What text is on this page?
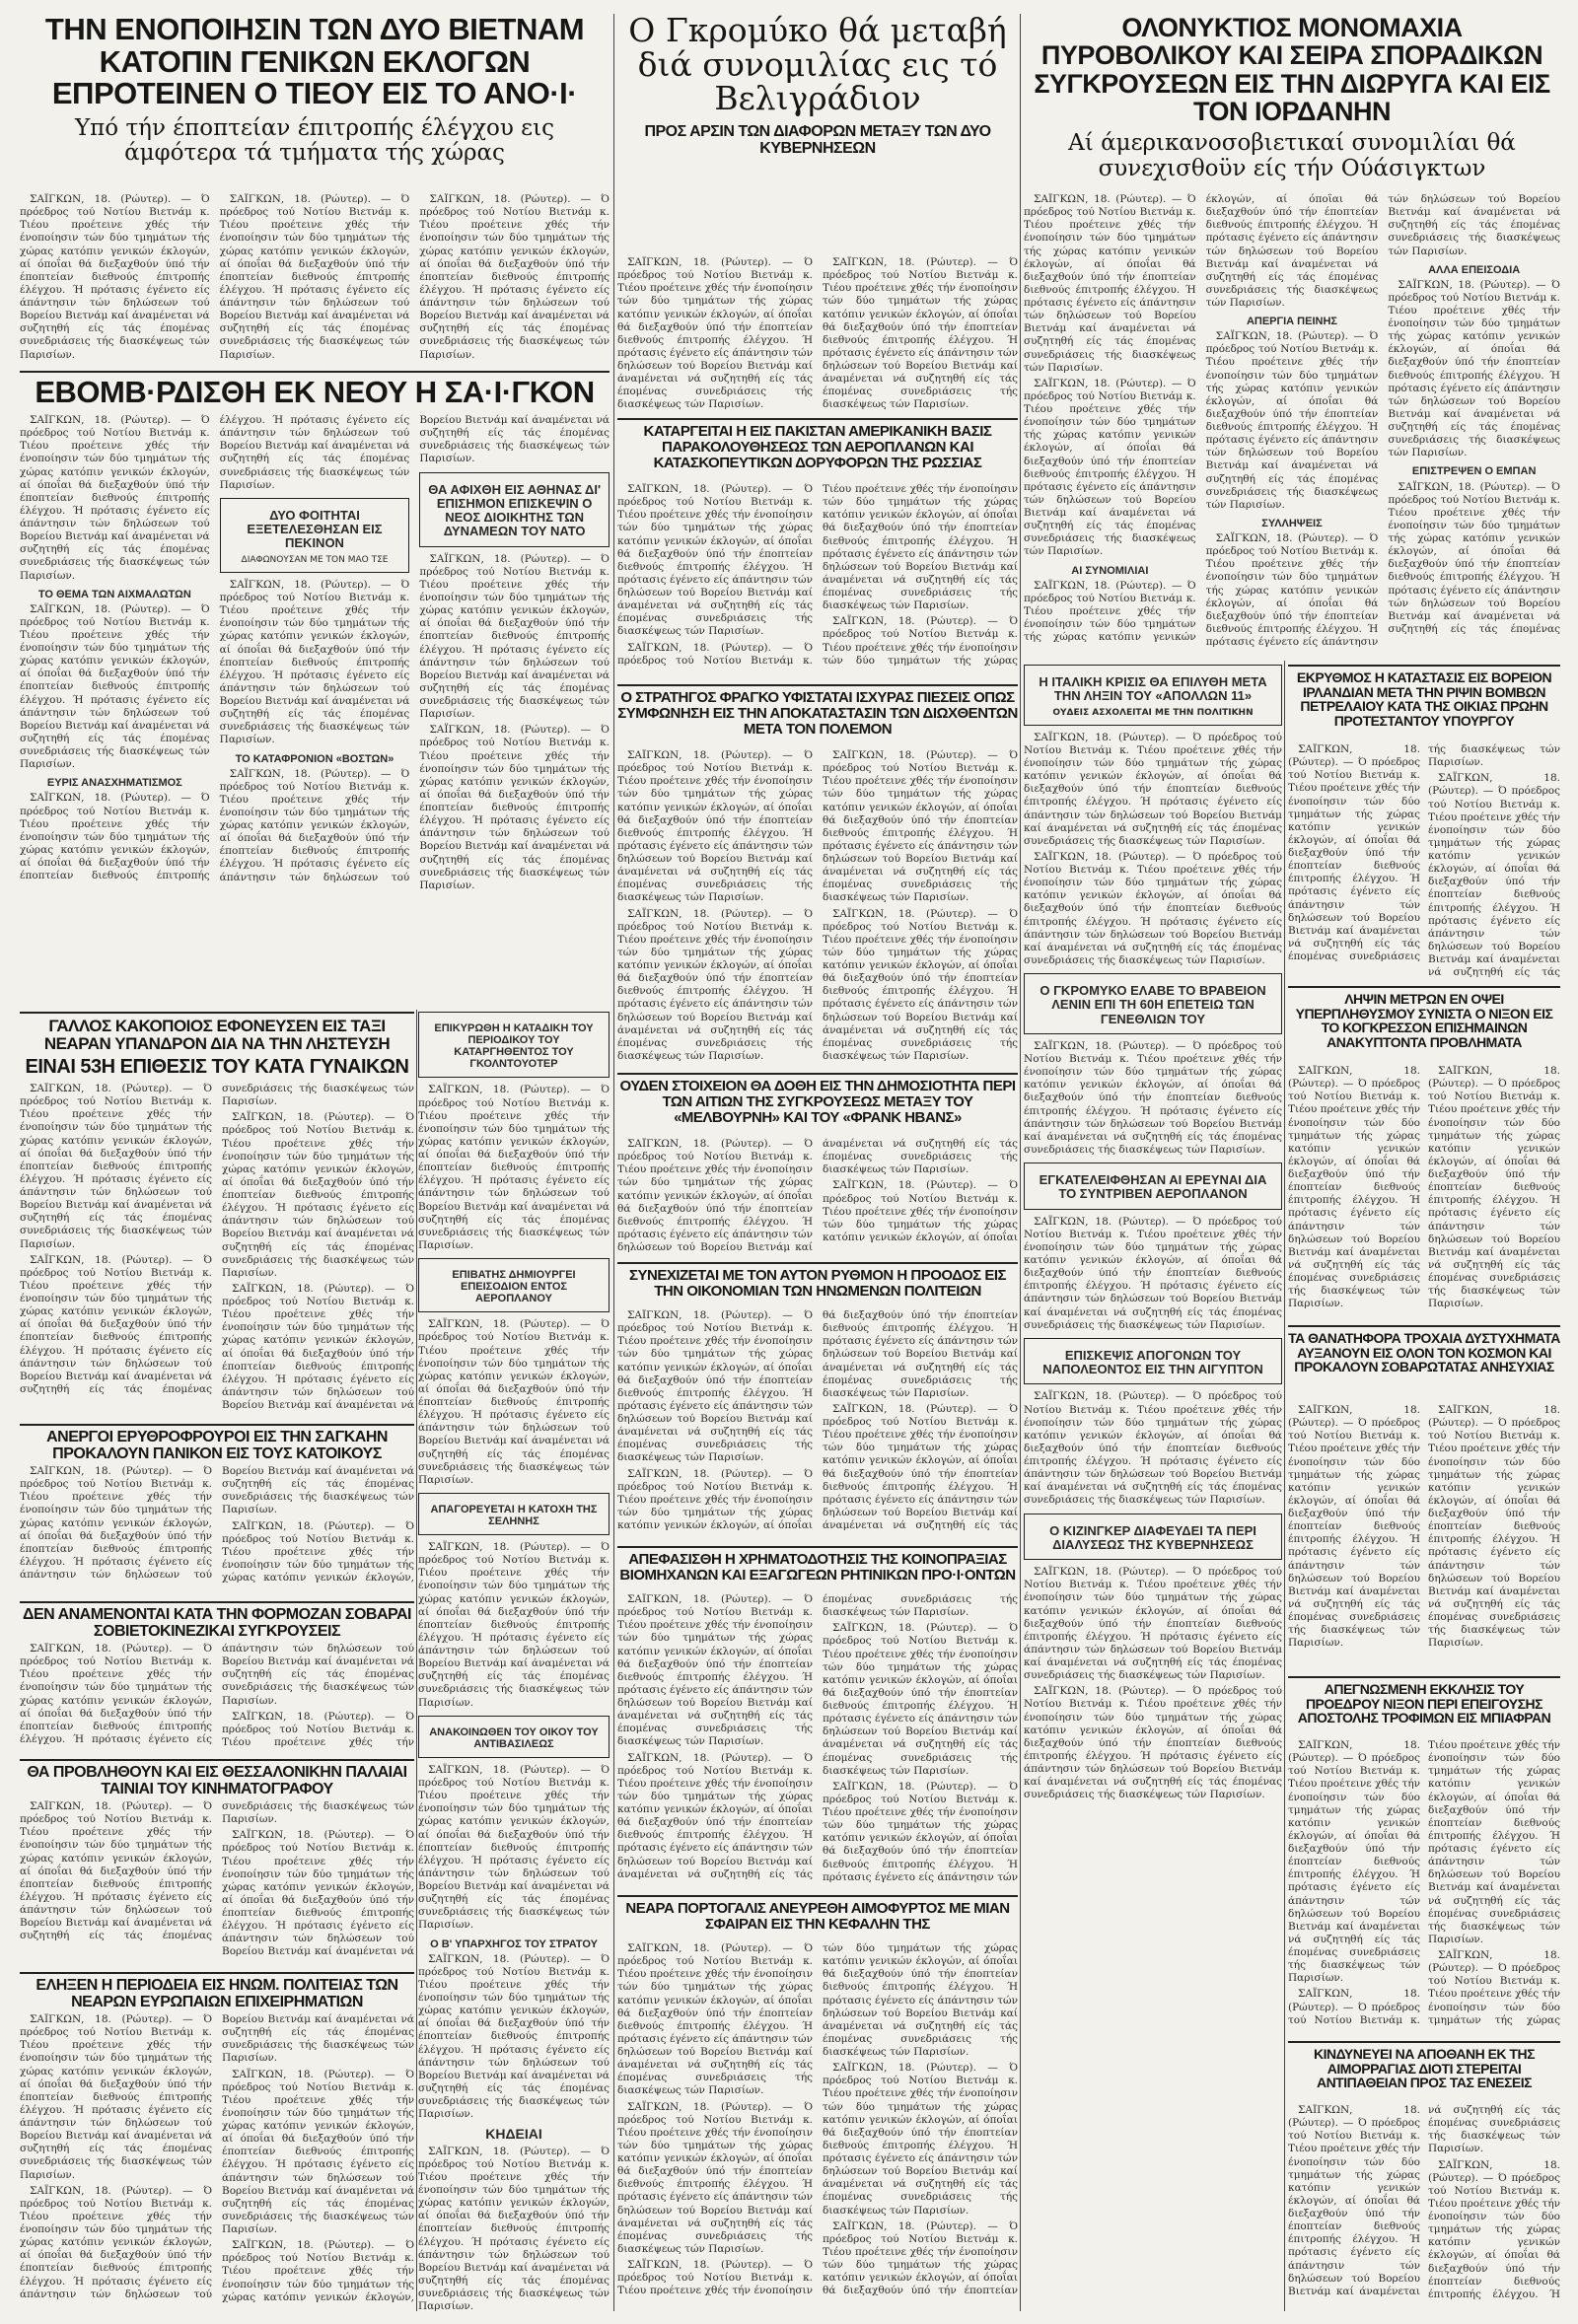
ΤΗΝ ΕΝΟΠΟΙΗΣΙΝ ΤΩΝ ΔΥΟ ΒΙΕΤΝΑΜ ΚΑΤΟΠΙΝ ΓΕΝΙΚΩΝ ΕΚΛΟΓΩΝ ΕΠΡΟΤΕΙΝΕΝ Ο ΤΙΕΟΥ ΕΙΣ ΤΟ ΑΝΟ·Ι·
Υπό τήν έποπτείαν έπιτροπής έλέγχου εις άμφότερα τά τμήματα τής χώρας
Ο Γκρομύκο θά μεταβή διά συνομιλίας εις τό Βελιγράδιον
ΠΡΟΣ ΑΡΣΙΝ ΤΩΝ ΔΙΑΦΟΡΩΝ ΜΕΤΑΞΥ ΤΩΝ ΔΥΟ ΚΥΒΕΡΝΗΣΕΩΝ
ΟΛΟΝΥΚΤΙΟΣ ΜΟΝΟΜΑΧΙΑ ΠΥΡΟΒΟΛΙΚΟΥ ΚΑΙ ΣΕΙΡΑ ΣΠΟΡΑΔΙΚΩΝ ΣΥΓΚΡΟΥΣΕΩΝ ΕΙΣ ΤΗΝ ΔΙΩΡΥΓΑ ΚΑΙ ΕΙΣ ΤΟΝ ΙΟΡΔΑΝΗΝ
Αί άμερικανοσοβιετικαί συνομιλίαι θά συνεχισθοϋν είς τήν Ούάσιγκτων

ΣΑΪΓΚΩΝ, 18. (Ρώυτερ). — Ό πρόεδρος τού Νοτίου Βιετνάμ κ. Τιέου προέτεινε χθές τήν ένοποίησιν τών δύο τμημάτων τής χώρας κατόπιν γενικών έκλογών, αί όποΐαι θά διεξαχθούν ύπό τήν έποπτείαν διεθνούς έπιτροπής έλέγχου. Ή πρότασις έγένετο είς άπάντησιν τών δηλώσεων τού Βορείου Βιετνάμ καί άναμένεται νά συζητηθή είς τάς έπομένας συνεδριάσεις τής διασκέψεως τών Παρισίων.

ΣΑΪΓΚΩΝ, 18. (Ρώυτερ). — Ό πρόεδρος τού Νοτίου Βιετνάμ κ. Τιέου προέτεινε χθές τήν ένοποίησιν τών δύο τμημάτων τής χώρας κατόπιν γενικών έκλογών, αί όποΐαι θά διεξαχθούν ύπό τήν έποπτείαν διεθνούς έπιτροπής έλέγχου. Ή πρότασις έγένετο είς άπάντησιν τών δηλώσεων τού Βορείου Βιετνάμ καί άναμένεται νά συζητηθή είς τάς έπομένας συνεδριάσεις τής διασκέψεως τών Παρισίων.

ΣΑΪΓΚΩΝ, 18. (Ρώυτερ). — Ό πρόεδρος τού Νοτίου Βιετνάμ κ. Τιέου προέτεινε χθές τήν ένοποίησιν τών δύο τμημάτων τής χώρας κατόπιν γενικών έκλογών, αί όποΐαι θά διεξαχθούν ύπό τήν έποπτείαν διεθνούς έπιτροπής έλέγχου. Ή πρότασις έγένετο είς άπάντησιν τών δηλώσεων τού Βορείου Βιετνάμ καί άναμένεται νά συζητηθή είς τάς έπομένας συνεδριάσεις τής διασκέψεως τών Παρισίων.

ΕΒΟΜΒ·ΡΔΙΣΘΗ ΕΚ ΝΕΟΥ Η ΣΑ·Ι·ΓΚΟΝ

ΣΑΪΓΚΩΝ, 18. (Ρώυτερ). — Ό πρόεδρος τού Νοτίου Βιετνάμ κ. Τιέου προέτεινε χθές τήν ένοποίησιν τών δύο τμημάτων τής χώρας κατόπιν γενικών έκλογών, αί όποΐαι θά διεξαχθούν ύπό τήν έποπτείαν διεθνούς έπιτροπής έλέγχου. Ή πρότασις έγένετο είς άπάντησιν τών δηλώσεων τού Βορείου Βιετνάμ καί άναμένεται νά συζητηθή είς τάς έπομένας συνεδριάσεις τής διασκέψεως τών Παρισίων.

ΤΟ ΘΕΜΑ ΤΩΝ ΑΙΧΜΑΛΩΤΩΝ

ΣΑΪΓΚΩΝ, 18. (Ρώυτερ). — Ό πρόεδρος τού Νοτίου Βιετνάμ κ. Τιέου προέτεινε χθές τήν ένοποίησιν τών δύο τμημάτων τής χώρας κατόπιν γενικών έκλογών, αί όποΐαι θά διεξαχθούν ύπό τήν έποπτείαν διεθνούς έπιτροπής έλέγχου. Ή πρότασις έγένετο είς άπάντησιν τών δηλώσεων τού Βορείου Βιετνάμ καί άναμένεται νά συζητηθή είς τάς έπομένας συνεδριάσεις τής διασκέψεως τών Παρισίων.

ΕΥΡΙΣ ΑΝΑΣΧΗΜΑΤΙΣΜΟΣ

ΣΑΪΓΚΩΝ, 18. (Ρώυτερ). — Ό πρόεδρος τού Νοτίου Βιετνάμ κ. Τιέου προέτεινε χθές τήν ένοποίησιν τών δύο τμημάτων τής χώρας κατόπιν γενικών έκλογών, αί όποΐαι θά διεξαχθούν ύπό τήν έποπτείαν διεθνούς έπιτροπής έλέγχου. Ή πρότασις έγένετο είς άπάντησιν τών δηλώσεων τού Βορείου Βιετνάμ καί άναμένεται νά συζητηθή είς τάς έπομένας συνεδριάσεις τής διασκέψεως τών Παρισίων.

ΔΥΟ ΦΟΙΤΗΤΑΙ ΕΞΕΤΕΛΕΣΘΗΣΑΝ ΕΙΣ ΠΕΚΙΝΟΝ
ΔΙΑΦΩΝΟΥΣΑΝ ΜΕ ΤΟΝ ΜΑΟ ΤΣΕ

ΣΑΪΓΚΩΝ, 18. (Ρώυτερ). — Ό πρόεδρος τού Νοτίου Βιετνάμ κ. Τιέου προέτεινε χθές τήν ένοποίησιν τών δύο τμημάτων τής χώρας κατόπιν γενικών έκλογών, αί όποΐαι θά διεξαχθούν ύπό τήν έποπτείαν διεθνούς έπιτροπής έλέγχου. Ή πρότασις έγένετο είς άπάντησιν τών δηλώσεων τού Βορείου Βιετνάμ καί άναμένεται νά συζητηθή είς τάς έπομένας συνεδριάσεις τής διασκέψεως τών Παρισίων.

ΤΟ ΚΑΤΑΦΡΟΝΙΟΝ «ΒΟΣΤΩΝ»

ΣΑΪΓΚΩΝ, 18. (Ρώυτερ). — Ό πρόεδρος τού Νοτίου Βιετνάμ κ. Τιέου προέτεινε χθές τήν ένοποίησιν τών δύο τμημάτων τής χώρας κατόπιν γενικών έκλογών, αί όποΐαι θά διεξαχθούν ύπό τήν έποπτείαν διεθνούς έπιτροπής έλέγχου. Ή πρότασις έγένετο είς άπάντησιν τών δηλώσεων τού Βορείου Βιετνάμ καί άναμένεται νά συζητηθή είς τάς έπομένας συνεδριάσεις τής διασκέψεως τών Παρισίων.

ΘΑ ΑΦΙΧΘΗ ΕΙΣ ΑΘΗΝΑΣ ΔΙ' ΕΠΙΣΗΜΟΝ ΕΠΙΣΚΕΨΙΝ Ο ΝΕΟΣ ΔΙΟΙΚΗΤΗΣ ΤΩΝ ΔΥΝΑΜΕΩΝ ΤΟΥ ΝΑΤΟ

ΣΑΪΓΚΩΝ, 18. (Ρώυτερ). — Ό πρόεδρος τού Νοτίου Βιετνάμ κ. Τιέου προέτεινε χθές τήν ένοποίησιν τών δύο τμημάτων τής χώρας κατόπιν γενικών έκλογών, αί όποΐαι θά διεξαχθούν ύπό τήν έποπτείαν διεθνούς έπιτροπής έλέγχου. Ή πρότασις έγένετο είς άπάντησιν τών δηλώσεων τού Βορείου Βιετνάμ καί άναμένεται νά συζητηθή είς τάς έπομένας συνεδριάσεις τής διασκέψεως τών Παρισίων.

ΣΑΪΓΚΩΝ, 18. (Ρώυτερ). — Ό πρόεδρος τού Νοτίου Βιετνάμ κ. Τιέου προέτεινε χθές τήν ένοποίησιν τών δύο τμημάτων τής χώρας κατόπιν γενικών έκλογών, αί όποΐαι θά διεξαχθούν ύπό τήν έποπτείαν διεθνούς έπιτροπής έλέγχου. Ή πρότασις έγένετο είς άπάντησιν τών δηλώσεων τού Βορείου Βιετνάμ καί άναμένεται νά συζητηθή είς τάς έπομένας συνεδριάσεις τής διασκέψεως τών Παρισίων.

ΓΑΛΛΟΣ ΚΑΚΟΠΟΙΟΣ ΕΦΟΝΕΥΣΕΝ ΕΙΣ ΤΑΞΙ ΝΕΑΡΑΝ ΥΠΑΝΔΡΟΝ ΔΙΑ ΝΑ ΤΗΝ ΛΗΣΤΕΥΣΗ
ΕΙΝΑΙ 53Η ΕΠΙΘΕΣΙΣ ΤΟΥ ΚΑΤΑ ΓΥΝΑΙΚΩΝ

ΣΑΪΓΚΩΝ, 18. (Ρώυτερ). — Ό πρόεδρος τού Νοτίου Βιετνάμ κ. Τιέου προέτεινε χθές τήν ένοποίησιν τών δύο τμημάτων τής χώρας κατόπιν γενικών έκλογών, αί όποΐαι θά διεξαχθούν ύπό τήν έποπτείαν διεθνούς έπιτροπής έλέγχου. Ή πρότασις έγένετο είς άπάντησιν τών δηλώσεων τού Βορείου Βιετνάμ καί άναμένεται νά συζητηθή είς τάς έπομένας συνεδριάσεις τής διασκέψεως τών Παρισίων.

ΣΑΪΓΚΩΝ, 18. (Ρώυτερ). — Ό πρόεδρος τού Νοτίου Βιετνάμ κ. Τιέου προέτεινε χθές τήν ένοποίησιν τών δύο τμημάτων τής χώρας κατόπιν γενικών έκλογών, αί όποΐαι θά διεξαχθούν ύπό τήν έποπτείαν διεθνούς έπιτροπής έλέγχου. Ή πρότασις έγένετο είς άπάντησιν τών δηλώσεων τού Βορείου Βιετνάμ καί άναμένεται νά συζητηθή είς τάς έπομένας συνεδριάσεις τής διασκέψεως τών Παρισίων.

ΣΑΪΓΚΩΝ, 18. (Ρώυτερ). — Ό πρόεδρος τού Νοτίου Βιετνάμ κ. Τιέου προέτεινε χθές τήν ένοποίησιν τών δύο τμημάτων τής χώρας κατόπιν γενικών έκλογών, αί όποΐαι θά διεξαχθούν ύπό τήν έποπτείαν διεθνούς έπιτροπής έλέγχου. Ή πρότασις έγένετο είς άπάντησιν τών δηλώσεων τού Βορείου Βιετνάμ καί άναμένεται νά συζητηθή είς τάς έπομένας συνεδριάσεις τής διασκέψεως τών Παρισίων.

ΣΑΪΓΚΩΝ, 18. (Ρώυτερ). — Ό πρόεδρος τού Νοτίου Βιετνάμ κ. Τιέου προέτεινε χθές τήν ένοποίησιν τών δύο τμημάτων τής χώρας κατόπιν γενικών έκλογών, αί όποΐαι θά διεξαχθούν ύπό τήν έποπτείαν διεθνούς έπιτροπής έλέγχου. Ή πρότασις έγένετο είς άπάντησιν τών δηλώσεων τού Βορείου Βιετνάμ καί άναμένεται νά

ΕΠΙΚΥΡΩΘΗ Η ΚΑΤΑΔΙΚΗ ΤΟΥ ΠΕΡΙΟΔΙΚΟΥ ΤΟΥ ΚΑΤΑΡΓΗΘΕΝΤΟΣ ΤΟΥ ΓΚΟΛΝΤΟΥΟΤΕΡ

ΣΑΪΓΚΩΝ, 18. (Ρώυτερ). — Ό πρόεδρος τού Νοτίου Βιετνάμ κ. Τιέου προέτεινε χθές τήν ένοποίησιν τών δύο τμημάτων τής χώρας κατόπιν γενικών έκλογών, αί όποΐαι θά διεξαχθούν ύπό τήν έποπτείαν διεθνούς έπιτροπής έλέγχου. Ή πρότασις έγένετο είς άπάντησιν τών δηλώσεων τού Βορείου Βιετνάμ καί άναμένεται νά συζητηθή είς τάς έπομένας συνεδριάσεις τής διασκέψεως τών Παρισίων.

ΕΠΙΒΑΤΗΣ ΔΗΜΙΟΥΡΓΕΙ ΕΠΕΙΣΟΔΙΟΝ ΕΝΤΟΣ ΑΕΡΟΠΛΑΝΟΥ

ΣΑΪΓΚΩΝ, 18. (Ρώυτερ). — Ό πρόεδρος τού Νοτίου Βιετνάμ κ. Τιέου προέτεινε χθές τήν ένοποίησιν τών δύο τμημάτων τής χώρας κατόπιν γενικών έκλογών, αί όποΐαι θά διεξαχθούν ύπό τήν έποπτείαν διεθνούς έπιτροπής έλέγχου. Ή πρότασις έγένετο είς άπάντησιν τών δηλώσεων τού Βορείου Βιετνάμ καί άναμένεται νά συζητηθή είς τάς έπομένας συνεδριάσεις τής διασκέψεως τών Παρισίων.

ΑΠΑΓΟΡΕΥΕΤΑΙ Η ΚΑΤΟΧΗ ΤΗΣ ΣΕΛΗΝΗΣ

ΣΑΪΓΚΩΝ, 18. (Ρώυτερ). — Ό πρόεδρος τού Νοτίου Βιετνάμ κ. Τιέου προέτεινε χθές τήν ένοποίησιν τών δύο τμημάτων τής χώρας κατόπιν γενικών έκλογών, αί όποΐαι θά διεξαχθούν ύπό τήν έποπτείαν διεθνούς έπιτροπής έλέγχου. Ή πρότασις έγένετο είς άπάντησιν τών δηλώσεων τού Βορείου Βιετνάμ καί άναμένεται νά συζητηθή είς τάς έπομένας συνεδριάσεις τής διασκέψεως τών Παρισίων.

ΑΝΑΚΟΙΝΩΘΕΝ ΤΟΥ ΟΙΚΟΥ ΤΟΥ ΑΝΤΙΒΑΣΙΛΕΩΣ

ΣΑΪΓΚΩΝ, 18. (Ρώυτερ). — Ό πρόεδρος τού Νοτίου Βιετνάμ κ. Τιέου προέτεινε χθές τήν ένοποίησιν τών δύο τμημάτων τής χώρας κατόπιν γενικών έκλογών, αί όποΐαι θά διεξαχθούν ύπό τήν έποπτείαν διεθνούς έπιτροπής έλέγχου. Ή πρότασις έγένετο είς άπάντησιν τών δηλώσεων τού Βορείου Βιετνάμ καί άναμένεται νά συζητηθή είς τάς έπομένας συνεδριάσεις τής διασκέψεως τών Παρισίων.

Ο Β' ΥΠΑΡΧΗΓΟΣ ΤΟΥ ΣΤΡΑΤΟΥ

ΣΑΪΓΚΩΝ, 18. (Ρώυτερ). — Ό πρόεδρος τού Νοτίου Βιετνάμ κ. Τιέου προέτεινε χθές τήν ένοποίησιν τών δύο τμημάτων τής χώρας κατόπιν γενικών έκλογών, αί όποΐαι θά διεξαχθούν ύπό τήν έποπτείαν διεθνούς έπιτροπής έλέγχου. Ή πρότασις έγένετο είς άπάντησιν τών δηλώσεων τού Βορείου Βιετνάμ καί άναμένεται νά συζητηθή είς τάς έπομένας συνεδριάσεις τής διασκέψεως τών Παρισίων.

ΚΗΔΕΙΑΙ

ΣΑΪΓΚΩΝ, 18. (Ρώυτερ). — Ό πρόεδρος τού Νοτίου Βιετνάμ κ. Τιέου προέτεινε χθές τήν ένοποίησιν τών δύο τμημάτων τής χώρας κατόπιν γενικών έκλογών, αί όποΐαι θά διεξαχθούν ύπό τήν έποπτείαν διεθνούς έπιτροπής έλέγχου. Ή πρότασις έγένετο είς άπάντησιν τών δηλώσεων τού Βορείου Βιετνάμ καί άναμένεται νά συζητηθή είς τάς έπομένας συνεδριάσεις τής διασκέψεως τών Παρισίων.

ΑΝΕΡΓΟΙ ΕΡΥΘΡΟΦΡΟΥΡΟΙ ΕΙΣ ΤΗΝ ΣΑΓΚΑΗΝ ΠΡΟΚΑΛΟΥΝ ΠΑΝΙΚΟΝ ΕΙΣ ΤΟΥΣ ΚΑΤΟΙΚΟΥΣ

ΣΑΪΓΚΩΝ, 18. (Ρώυτερ). — Ό πρόεδρος τού Νοτίου Βιετνάμ κ. Τιέου προέτεινε χθές τήν ένοποίησιν τών δύο τμημάτων τής χώρας κατόπιν γενικών έκλογών, αί όποΐαι θά διεξαχθούν ύπό τήν έποπτείαν διεθνούς έπιτροπής έλέγχου. Ή πρότασις έγένετο είς άπάντησιν τών δηλώσεων τού Βορείου Βιετνάμ καί άναμένεται νά συζητηθή είς τάς έπομένας συνεδριάσεις τής διασκέψεως τών Παρισίων.

ΣΑΪΓΚΩΝ, 18. (Ρώυτερ). — Ό πρόεδρος τού Νοτίου Βιετνάμ κ. Τιέου προέτεινε χθές τήν ένοποίησιν τών δύο τμημάτων τής χώρας κατόπιν γενικών έκλογών,

ΔΕΝ ΑΝΑΜΕΝΟΝΤΑΙ ΚΑΤΑ ΤΗΝ ΦΟΡΜΟΖΑΝ ΣΟΒΑΡΑΙ ΣΟΒΙΕΤΟΚΙΝΕΖΙΚΑΙ ΣΥΓΚΡΟΥΣΕΙΣ

ΣΑΪΓΚΩΝ, 18. (Ρώυτερ). — Ό πρόεδρος τού Νοτίου Βιετνάμ κ. Τιέου προέτεινε χθές τήν ένοποίησιν τών δύο τμημάτων τής χώρας κατόπιν γενικών έκλογών, αί όποΐαι θά διεξαχθούν ύπό τήν έποπτείαν διεθνούς έπιτροπής έλέγχου. Ή πρότασις έγένετο είς άπάντησιν τών δηλώσεων τού Βορείου Βιετνάμ καί άναμένεται νά συζητηθή είς τάς έπομένας συνεδριάσεις τής διασκέψεως τών Παρισίων.

ΣΑΪΓΚΩΝ, 18. (Ρώυτερ). — Ό πρόεδρος τού Νοτίου Βιετνάμ κ. Τιέου προέτεινε χθές τήν

ΘΑ ΠΡΟΒΛΗΘΟΥΝ ΚΑΙ ΕΙΣ ΘΕΣΣΑΛΟΝΙΚΗΝ ΠΑΛΑΙΑΙ ΤΑΙΝΙΑΙ ΤΟΥ ΚΙΝΗΜΑΤΟΓΡΑΦΟΥ

ΣΑΪΓΚΩΝ, 18. (Ρώυτερ). — Ό πρόεδρος τού Νοτίου Βιετνάμ κ. Τιέου προέτεινε χθές τήν ένοποίησιν τών δύο τμημάτων τής χώρας κατόπιν γενικών έκλογών, αί όποΐαι θά διεξαχθούν ύπό τήν έποπτείαν διεθνούς έπιτροπής έλέγχου. Ή πρότασις έγένετο είς άπάντησιν τών δηλώσεων τού Βορείου Βιετνάμ καί άναμένεται νά συζητηθή είς τάς έπομένας συνεδριάσεις τής διασκέψεως τών Παρισίων.

ΣΑΪΓΚΩΝ, 18. (Ρώυτερ). — Ό πρόεδρος τού Νοτίου Βιετνάμ κ. Τιέου προέτεινε χθές τήν ένοποίησιν τών δύο τμημάτων τής χώρας κατόπιν γενικών έκλογών, αί όποΐαι θά διεξαχθούν ύπό τήν έποπτείαν διεθνούς έπιτροπής έλέγχου. Ή πρότασις έγένετο είς άπάντησιν τών δηλώσεων τού Βορείου Βιετνάμ καί άναμένεται νά

ΕΛΗΞΕΝ Η ΠΕΡΙΟΔΕΙΑ ΕΙΣ ΗΝΩΜ. ΠΟΛΙΤΕΙΑΣ ΤΩΝ ΝΕΑΡΩΝ ΕΥΡΩΠΑΙΩΝ ΕΠΙΧΕΙΡΗΜΑΤΙΩΝ

ΣΑΪΓΚΩΝ, 18. (Ρώυτερ). — Ό πρόεδρος τού Νοτίου Βιετνάμ κ. Τιέου προέτεινε χθές τήν ένοποίησιν τών δύο τμημάτων τής χώρας κατόπιν γενικών έκλογών, αί όποΐαι θά διεξαχθούν ύπό τήν έποπτείαν διεθνούς έπιτροπής έλέγχου. Ή πρότασις έγένετο είς άπάντησιν τών δηλώσεων τού Βορείου Βιετνάμ καί άναμένεται νά συζητηθή είς τάς έπομένας συνεδριάσεις τής διασκέψεως τών Παρισίων.

ΣΑΪΓΚΩΝ, 18. (Ρώυτερ). — Ό πρόεδρος τού Νοτίου Βιετνάμ κ. Τιέου προέτεινε χθές τήν ένοποίησιν τών δύο τμημάτων τής χώρας κατόπιν γενικών έκλογών, αί όποΐαι θά διεξαχθούν ύπό τήν έποπτείαν διεθνούς έπιτροπής έλέγχου. Ή πρότασις έγένετο είς άπάντησιν τών δηλώσεων τού Βορείου Βιετνάμ καί άναμένεται νά συζητηθή είς τάς έπομένας συνεδριάσεις τής διασκέψεως τών Παρισίων.

ΣΑΪΓΚΩΝ, 18. (Ρώυτερ). — Ό πρόεδρος τού Νοτίου Βιετνάμ κ. Τιέου προέτεινε χθές τήν ένοποίησιν τών δύο τμημάτων τής χώρας κατόπιν γενικών έκλογών, αί όποΐαι θά διεξαχθούν ύπό τήν έποπτείαν διεθνούς έπιτροπής έλέγχου. Ή πρότασις έγένετο είς άπάντησιν τών δηλώσεων τού Βορείου Βιετνάμ καί άναμένεται νά συζητηθή είς τάς έπομένας συνεδριάσεις τής διασκέψεως τών Παρισίων.

ΣΑΪΓΚΩΝ, 18. (Ρώυτερ). — Ό πρόεδρος τού Νοτίου Βιετνάμ κ. Τιέου προέτεινε χθές τήν ένοποίησιν τών δύο τμημάτων τής χώρας κατόπιν γενικών έκλογών,

ΣΑΪΓΚΩΝ, 18. (Ρώυτερ). — Ό πρόεδρος τού Νοτίου Βιετνάμ κ. Τιέου προέτεινε χθές τήν ένοποίησιν τών δύο τμημάτων τής χώρας κατόπιν γενικών έκλογών, αί όποΐαι θά διεξαχθούν ύπό τήν έποπτείαν διεθνούς έπιτροπής έλέγχου. Ή πρότασις έγένετο είς άπάντησιν τών δηλώσεων τού Βορείου Βιετνάμ καί άναμένεται νά συζητηθή είς τάς έπομένας συνεδριάσεις τής διασκέψεως τών Παρισίων.

ΣΑΪΓΚΩΝ, 18. (Ρώυτερ). — Ό πρόεδρος τού Νοτίου Βιετνάμ κ. Τιέου προέτεινε χθές τήν ένοποίησιν τών δύο τμημάτων τής χώρας κατόπιν γενικών έκλογών, αί όποΐαι θά διεξαχθούν ύπό τήν έποπτείαν διεθνούς έπιτροπής έλέγχου. Ή πρότασις έγένετο είς άπάντησιν τών δηλώσεων τού Βορείου Βιετνάμ καί άναμένεται νά συζητηθή είς τάς έπομένας συνεδριάσεις τής διασκέψεως τών Παρισίων.

ΚΑΤΑΡΓΕΙΤΑΙ Η ΕΙΣ ΠΑΚΙΣΤΑΝ ΑΜΕΡΙΚΑΝΙΚΗ ΒΑΣΙΣ ΠΑΡΑΚΟΛΟΥΘΗΣΕΩΣ ΤΩΝ ΑΕΡΟΠΛΑΝΩΝ ΚΑΙ ΚΑΤΑΣΚΟΠΕΥΤΙΚΩΝ ΔΟΡΥΦΟΡΩΝ ΤΗΣ ΡΩΣΣΙΑΣ

ΣΑΪΓΚΩΝ, 18. (Ρώυτερ). — Ό πρόεδρος τού Νοτίου Βιετνάμ κ. Τιέου προέτεινε χθές τήν ένοποίησιν τών δύο τμημάτων τής χώρας κατόπιν γενικών έκλογών, αί όποΐαι θά διεξαχθούν ύπό τήν έποπτείαν διεθνούς έπιτροπής έλέγχου. Ή πρότασις έγένετο είς άπάντησιν τών δηλώσεων τού Βορείου Βιετνάμ καί άναμένεται νά συζητηθή είς τάς έπομένας συνεδριάσεις τής διασκέψεως τών Παρισίων.

ΣΑΪΓΚΩΝ, 18. (Ρώυτερ). — Ό πρόεδρος τού Νοτίου Βιετνάμ κ. Τιέου προέτεινε χθές τήν ένοποίησιν τών δύο τμημάτων τής χώρας κατόπιν γενικών έκλογών, αί όποΐαι θά διεξαχθούν ύπό τήν έποπτείαν διεθνούς έπιτροπής έλέγχου. Ή πρότασις έγένετο είς άπάντησιν τών δηλώσεων τού Βορείου Βιετνάμ καί άναμένεται νά συζητηθή είς τάς έπομένας συνεδριάσεις τής διασκέψεως τών Παρισίων.

ΣΑΪΓΚΩΝ, 18. (Ρώυτερ). — Ό πρόεδρος τού Νοτίου Βιετνάμ κ. Τιέου προέτεινε χθές τήν ένοποίησιν τών δύο τμημάτων τής χώρας

Ο ΣΤΡΑΤΗΓΟΣ ΦΡΑΓΚΟ ΥΦΙΣΤΑΤΑΙ ΙΣΧΥΡΑΣ ΠΙΕΣΕΙΣ ΟΠΩΣ ΣΥΜΦΩΝΗΣΗ ΕΙΣ ΤΗΝ ΑΠΟΚΑΤΑΣΤΑΣΙΝ ΤΩΝ ΔΙΩΧΘΕΝΤΩΝ ΜΕΤΑ ΤΟΝ ΠΟΛΕΜΟΝ

ΣΑΪΓΚΩΝ, 18. (Ρώυτερ). — Ό πρόεδρος τού Νοτίου Βιετνάμ κ. Τιέου προέτεινε χθές τήν ένοποίησιν τών δύο τμημάτων τής χώρας κατόπιν γενικών έκλογών, αί όποΐαι θά διεξαχθούν ύπό τήν έποπτείαν διεθνούς έπιτροπής έλέγχου. Ή πρότασις έγένετο είς άπάντησιν τών δηλώσεων τού Βορείου Βιετνάμ καί άναμένεται νά συζητηθή είς τάς έπομένας συνεδριάσεις τής διασκέψεως τών Παρισίων.

ΣΑΪΓΚΩΝ, 18. (Ρώυτερ). — Ό πρόεδρος τού Νοτίου Βιετνάμ κ. Τιέου προέτεινε χθές τήν ένοποίησιν τών δύο τμημάτων τής χώρας κατόπιν γενικών έκλογών, αί όποΐαι θά διεξαχθούν ύπό τήν έποπτείαν διεθνούς έπιτροπής έλέγχου. Ή πρότασις έγένετο είς άπάντησιν τών δηλώσεων τού Βορείου Βιετνάμ καί άναμένεται νά συζητηθή είς τάς έπομένας συνεδριάσεις τής διασκέψεως τών Παρισίων.

ΣΑΪΓΚΩΝ, 18. (Ρώυτερ). — Ό πρόεδρος τού Νοτίου Βιετνάμ κ. Τιέου προέτεινε χθές τήν ένοποίησιν τών δύο τμημάτων τής χώρας κατόπιν γενικών έκλογών, αί όποΐαι θά διεξαχθούν ύπό τήν έποπτείαν διεθνούς έπιτροπής έλέγχου. Ή πρότασις έγένετο είς άπάντησιν τών δηλώσεων τού Βορείου Βιετνάμ καί άναμένεται νά συζητηθή είς τάς έπομένας συνεδριάσεις τής διασκέψεως τών Παρισίων.

ΣΑΪΓΚΩΝ, 18. (Ρώυτερ). — Ό πρόεδρος τού Νοτίου Βιετνάμ κ. Τιέου προέτεινε χθές τήν ένοποίησιν τών δύο τμημάτων τής χώρας κατόπιν γενικών έκλογών, αί όποΐαι θά διεξαχθούν ύπό τήν έποπτείαν διεθνούς έπιτροπής έλέγχου. Ή πρότασις έγένετο είς άπάντησιν τών δηλώσεων τού Βορείου Βιετνάμ καί άναμένεται νά συζητηθή είς τάς έπομένας συνεδριάσεις τής διασκέψεως τών Παρισίων.

ΟΥΔΕΝ ΣΤΟΙΧΕΙΟΝ ΘΑ ΔΟΘΗ ΕΙΣ ΤΗΝ ΔΗΜΟΣΙΟΤΗΤΑ ΠΕΡΙ ΤΩΝ ΑΙΤΙΩΝ ΤΗΣ ΣΥΓΚΡΟΥΣΕΩΣ ΜΕΤΑΞΥ ΤΟΥ «ΜΕΛΒΟΥΡΝΗ» ΚΑΙ ΤΟΥ «ΦΡΑΝΚ ΗΒΑΝΣ»

ΣΑΪΓΚΩΝ, 18. (Ρώυτερ). — Ό πρόεδρος τού Νοτίου Βιετνάμ κ. Τιέου προέτεινε χθές τήν ένοποίησιν τών δύο τμημάτων τής χώρας κατόπιν γενικών έκλογών, αί όποΐαι θά διεξαχθούν ύπό τήν έποπτείαν διεθνούς έπιτροπής έλέγχου. Ή πρότασις έγένετο είς άπάντησιν τών δηλώσεων τού Βορείου Βιετνάμ καί άναμένεται νά συζητηθή είς τάς έπομένας συνεδριάσεις τής διασκέψεως τών Παρισίων.

ΣΑΪΓΚΩΝ, 18. (Ρώυτερ). — Ό πρόεδρος τού Νοτίου Βιετνάμ κ. Τιέου προέτεινε χθές τήν ένοποίησιν τών δύο τμημάτων τής χώρας κατόπιν γενικών έκλογών, αί όποΐαι

ΣΥΝΕΧΙΖΕΤΑΙ ΜΕ ΤΟΝ ΑΥΤΟΝ ΡΥΘΜΟΝ Η ΠΡΟΟΔΟΣ ΕΙΣ ΤΗΝ ΟΙΚΟΝΟΜΙΑΝ ΤΩΝ ΗΝΩΜΕΝΩΝ ΠΟΛΙΤΕΙΩΝ

ΣΑΪΓΚΩΝ, 18. (Ρώυτερ). — Ό πρόεδρος τού Νοτίου Βιετνάμ κ. Τιέου προέτεινε χθές τήν ένοποίησιν τών δύο τμημάτων τής χώρας κατόπιν γενικών έκλογών, αί όποΐαι θά διεξαχθούν ύπό τήν έποπτείαν διεθνούς έπιτροπής έλέγχου. Ή πρότασις έγένετο είς άπάντησιν τών δηλώσεων τού Βορείου Βιετνάμ καί άναμένεται νά συζητηθή είς τάς έπομένας συνεδριάσεις τής διασκέψεως τών Παρισίων.

ΣΑΪΓΚΩΝ, 18. (Ρώυτερ). — Ό πρόεδρος τού Νοτίου Βιετνάμ κ. Τιέου προέτεινε χθές τήν ένοποίησιν τών δύο τμημάτων τής χώρας κατόπιν γενικών έκλογών, αί όποΐαι θά διεξαχθούν ύπό τήν έποπτείαν διεθνούς έπιτροπής έλέγχου. Ή πρότασις έγένετο είς άπάντησιν τών δηλώσεων τού Βορείου Βιετνάμ καί άναμένεται νά συζητηθή είς τάς έπομένας συνεδριάσεις τής διασκέψεως τών Παρισίων.

ΣΑΪΓΚΩΝ, 18. (Ρώυτερ). — Ό πρόεδρος τού Νοτίου Βιετνάμ κ. Τιέου προέτεινε χθές τήν ένοποίησιν τών δύο τμημάτων τής χώρας κατόπιν γενικών έκλογών, αί όποΐαι θά διεξαχθούν ύπό τήν έποπτείαν διεθνούς έπιτροπής έλέγχου. Ή πρότασις έγένετο είς άπάντησιν τών δηλώσεων τού Βορείου Βιετνάμ καί άναμένεται νά συζητηθή είς τάς

ΑΠΕΦΑΣΙΣΘΗ Η ΧΡΗΜΑΤΟΔΟΤΗΣΙΣ ΤΗΣ ΚΟΙΝΟΠΡΑΞΙΑΣ ΒΙΟΜΗΧΑΝΩΝ ΚΑΙ ΕΞΑΓΩΓΕΩΝ ΡΗΤΙΝΙΚΩΝ ΠΡΟ·Ι·ΟΝΤΩΝ

ΣΑΪΓΚΩΝ, 18. (Ρώυτερ). — Ό πρόεδρος τού Νοτίου Βιετνάμ κ. Τιέου προέτεινε χθές τήν ένοποίησιν τών δύο τμημάτων τής χώρας κατόπιν γενικών έκλογών, αί όποΐαι θά διεξαχθούν ύπό τήν έποπτείαν διεθνούς έπιτροπής έλέγχου. Ή πρότασις έγένετο είς άπάντησιν τών δηλώσεων τού Βορείου Βιετνάμ καί άναμένεται νά συζητηθή είς τάς έπομένας συνεδριάσεις τής διασκέψεως τών Παρισίων.

ΣΑΪΓΚΩΝ, 18. (Ρώυτερ). — Ό πρόεδρος τού Νοτίου Βιετνάμ κ. Τιέου προέτεινε χθές τήν ένοποίησιν τών δύο τμημάτων τής χώρας κατόπιν γενικών έκλογών, αί όποΐαι θά διεξαχθούν ύπό τήν έποπτείαν διεθνούς έπιτροπής έλέγχου. Ή πρότασις έγένετο είς άπάντησιν τών δηλώσεων τού Βορείου Βιετνάμ καί άναμένεται νά συζητηθή είς τάς έπομένας συνεδριάσεις τής διασκέψεως τών Παρισίων.

ΣΑΪΓΚΩΝ, 18. (Ρώυτερ). — Ό πρόεδρος τού Νοτίου Βιετνάμ κ. Τιέου προέτεινε χθές τήν ένοποίησιν τών δύο τμημάτων τής χώρας κατόπιν γενικών έκλογών, αί όποΐαι θά διεξαχθούν ύπό τήν έποπτείαν διεθνούς έπιτροπής έλέγχου. Ή πρότασις έγένετο είς άπάντησιν τών δηλώσεων τού Βορείου Βιετνάμ καί άναμένεται νά συζητηθή είς τάς έπομένας συνεδριάσεις τής διασκέψεως τών Παρισίων.

ΣΑΪΓΚΩΝ, 18. (Ρώυτερ). — Ό πρόεδρος τού Νοτίου Βιετνάμ κ. Τιέου προέτεινε χθές τήν ένοποίησιν τών δύο τμημάτων τής χώρας κατόπιν γενικών έκλογών, αί όποΐαι θά διεξαχθούν ύπό τήν έποπτείαν διεθνούς έπιτροπής έλέγχου. Ή πρότασις έγένετο είς άπάντησιν τών

ΝΕΑΡΑ ΠΟΡΤΟΓΑΛΙΣ ΑΝΕΥΡΕΘΗ ΑΙΜΟΦΥΡΤΟΣ ΜΕ ΜΙΑΝ ΣΦΑΙΡΑΝ ΕΙΣ ΤΗΝ ΚΕΦΑΛΗΝ ΤΗΣ

ΣΑΪΓΚΩΝ, 18. (Ρώυτερ). — Ό πρόεδρος τού Νοτίου Βιετνάμ κ. Τιέου προέτεινε χθές τήν ένοποίησιν τών δύο τμημάτων τής χώρας κατόπιν γενικών έκλογών, αί όποΐαι θά διεξαχθούν ύπό τήν έποπτείαν διεθνούς έπιτροπής έλέγχου. Ή πρότασις έγένετο είς άπάντησιν τών δηλώσεων τού Βορείου Βιετνάμ καί άναμένεται νά συζητηθή είς τάς έπομένας συνεδριάσεις τής διασκέψεως τών Παρισίων.

ΣΑΪΓΚΩΝ, 18. (Ρώυτερ). — Ό πρόεδρος τού Νοτίου Βιετνάμ κ. Τιέου προέτεινε χθές τήν ένοποίησιν τών δύο τμημάτων τής χώρας κατόπιν γενικών έκλογών, αί όποΐαι θά διεξαχθούν ύπό τήν έποπτείαν διεθνούς έπιτροπής έλέγχου. Ή πρότασις έγένετο είς άπάντησιν τών δηλώσεων τού Βορείου Βιετνάμ καί άναμένεται νά συζητηθή είς τάς έπομένας συνεδριάσεις τής διασκέψεως τών Παρισίων.

ΣΑΪΓΚΩΝ, 18. (Ρώυτερ). — Ό πρόεδρος τού Νοτίου Βιετνάμ κ. Τιέου προέτεινε χθές τήν ένοποίησιν τών δύο τμημάτων τής χώρας κατόπιν γενικών έκλογών, αί όποΐαι θά διεξαχθούν ύπό τήν έποπτείαν διεθνούς έπιτροπής έλέγχου. Ή πρότασις έγένετο είς άπάντησιν τών δηλώσεων τού Βορείου Βιετνάμ καί άναμένεται νά συζητηθή είς τάς έπομένας συνεδριάσεις τής διασκέψεως τών Παρισίων.

ΣΑΪΓΚΩΝ, 18. (Ρώυτερ). — Ό πρόεδρος τού Νοτίου Βιετνάμ κ. Τιέου προέτεινε χθές τήν ένοποίησιν τών δύο τμημάτων τής χώρας κατόπιν γενικών έκλογών, αί όποΐαι θά διεξαχθούν ύπό τήν έποπτείαν διεθνούς έπιτροπής έλέγχου. Ή πρότασις έγένετο είς άπάντησιν τών δηλώσεων τού Βορείου Βιετνάμ καί άναμένεται νά συζητηθή είς τάς έπομένας συνεδριάσεις τής διασκέψεως τών Παρισίων.

ΣΑΪΓΚΩΝ, 18. (Ρώυτερ). — Ό πρόεδρος τού Νοτίου Βιετνάμ κ. Τιέου προέτεινε χθές τήν ένοποίησιν τών δύο τμημάτων τής χώρας κατόπιν γενικών έκλογών, αί όποΐαι θά διεξαχθούν ύπό τήν έποπτείαν

ΣΑΪΓΚΩΝ, 18. (Ρώυτερ). — Ό πρόεδρος τού Νοτίου Βιετνάμ κ. Τιέου προέτεινε χθές τήν ένοποίησιν τών δύο τμημάτων τής χώρας κατόπιν γενικών έκλογών, αί όποΐαι θά διεξαχθούν ύπό τήν έποπτείαν διεθνούς έπιτροπής έλέγχου. Ή πρότασις έγένετο είς άπάντησιν τών δηλώσεων τού Βορείου Βιετνάμ καί άναμένεται νά συζητηθή είς τάς έπομένας συνεδριάσεις τής διασκέψεως τών Παρισίων.

ΣΑΪΓΚΩΝ, 18. (Ρώυτερ). — Ό πρόεδρος τού Νοτίου Βιετνάμ κ. Τιέου προέτεινε χθές τήν ένοποίησιν τών δύο τμημάτων τής χώρας κατόπιν γενικών έκλογών, αί όποΐαι θά διεξαχθούν ύπό τήν έποπτείαν διεθνούς έπιτροπής έλέγχου. Ή πρότασις έγένετο είς άπάντησιν τών δηλώσεων τού Βορείου Βιετνάμ καί άναμένεται νά συζητηθή είς τάς έπομένας συνεδριάσεις τής διασκέψεως τών Παρισίων.

ΑΙ ΣΥΝΟΜΙΛΙΑΙ

ΣΑΪΓΚΩΝ, 18. (Ρώυτερ). — Ό πρόεδρος τού Νοτίου Βιετνάμ κ. Τιέου προέτεινε χθές τήν ένοποίησιν τών δύο τμημάτων τής χώρας κατόπιν γενικών έκλογών, αί όποΐαι θά διεξαχθούν ύπό τήν έποπτείαν διεθνούς έπιτροπής έλέγχου. Ή πρότασις έγένετο είς άπάντησιν τών δηλώσεων τού Βορείου Βιετνάμ καί άναμένεται νά συζητηθή είς τάς έπομένας συνεδριάσεις τής διασκέψεως τών Παρισίων.

ΑΠΕΡΓΙΑ ΠΕΙΝΗΣ

ΣΑΪΓΚΩΝ, 18. (Ρώυτερ). — Ό πρόεδρος τού Νοτίου Βιετνάμ κ. Τιέου προέτεινε χθές τήν ένοποίησιν τών δύο τμημάτων τής χώρας κατόπιν γενικών έκλογών, αί όποΐαι θά διεξαχθούν ύπό τήν έποπτείαν διεθνούς έπιτροπής έλέγχου. Ή πρότασις έγένετο είς άπάντησιν τών δηλώσεων τού Βορείου Βιετνάμ καί άναμένεται νά συζητηθή είς τάς έπομένας συνεδριάσεις τής διασκέψεως τών Παρισίων.

ΣΥΛΛΗΨΕΙΣ

ΣΑΪΓΚΩΝ, 18. (Ρώυτερ). — Ό πρόεδρος τού Νοτίου Βιετνάμ κ. Τιέου προέτεινε χθές τήν ένοποίησιν τών δύο τμημάτων τής χώρας κατόπιν γενικών έκλογών, αί όποΐαι θά διεξαχθούν ύπό τήν έποπτείαν διεθνούς έπιτροπής έλέγχου. Ή πρότασις έγένετο είς άπάντησιν τών δηλώσεων τού Βορείου Βιετνάμ καί άναμένεται νά συζητηθή είς τάς έπομένας συνεδριάσεις τής διασκέψεως τών Παρισίων.

ΑΛΛΑ ΕΠΕΙΣΟΔΙΑ

ΣΑΪΓΚΩΝ, 18. (Ρώυτερ). — Ό πρόεδρος τού Νοτίου Βιετνάμ κ. Τιέου προέτεινε χθές τήν ένοποίησιν τών δύο τμημάτων τής χώρας κατόπιν γενικών έκλογών, αί όποΐαι θά διεξαχθούν ύπό τήν έποπτείαν διεθνούς έπιτροπής έλέγχου. Ή πρότασις έγένετο είς άπάντησιν τών δηλώσεων τού Βορείου Βιετνάμ καί άναμένεται νά συζητηθή είς τάς έπομένας συνεδριάσεις τής διασκέψεως τών Παρισίων.

ΕΠΙΣΤΡΕΨΕΝ Ο ΕΜΠΑΝ

ΣΑΪΓΚΩΝ, 18. (Ρώυτερ). — Ό πρόεδρος τού Νοτίου Βιετνάμ κ. Τιέου προέτεινε χθές τήν ένοποίησιν τών δύο τμημάτων τής χώρας κατόπιν γενικών έκλογών, αί όποΐαι θά διεξαχθούν ύπό τήν έποπτείαν διεθνούς έπιτροπής έλέγχου. Ή πρότασις έγένετο είς άπάντησιν τών δηλώσεων τού Βορείου Βιετνάμ καί άναμένεται νά συζητηθή είς τάς έπομένας

Η ΙΤΑΛΙΚΗ ΚΡΙΣΙΣ ΘΑ ΕΠΙΛΥΘΗ ΜΕΤΑ ΤΗΝ ΛΗΞΙΝ ΤΟΥ «ΑΠΟΛΛΩΝ 11»
ΟΥΔΕΙΣ ΑΣΧΟΛΕΙΤΑΙ ΜΕ ΤΗΝ ΠΟΛΙΤΙΚΗΝ

ΣΑΪΓΚΩΝ, 18. (Ρώυτερ). — Ό πρόεδρος τού Νοτίου Βιετνάμ κ. Τιέου προέτεινε χθές τήν ένοποίησιν τών δύο τμημάτων τής χώρας κατόπιν γενικών έκλογών, αί όποΐαι θά διεξαχθούν ύπό τήν έποπτείαν διεθνούς έπιτροπής έλέγχου. Ή πρότασις έγένετο είς άπάντησιν τών δηλώσεων τού Βορείου Βιετνάμ καί άναμένεται νά συζητηθή είς τάς έπομένας συνεδριάσεις τής διασκέψεως τών Παρισίων.

ΣΑΪΓΚΩΝ, 18. (Ρώυτερ). — Ό πρόεδρος τού Νοτίου Βιετνάμ κ. Τιέου προέτεινε χθές τήν ένοποίησιν τών δύο τμημάτων τής χώρας κατόπιν γενικών έκλογών, αί όποΐαι θά διεξαχθούν ύπό τήν έποπτείαν διεθνούς έπιτροπής έλέγχου. Ή πρότασις έγένετο είς άπάντησιν τών δηλώσεων τού Βορείου Βιετνάμ καί άναμένεται νά συζητηθή είς τάς έπομένας συνεδριάσεις τής διασκέψεως τών Παρισίων.

Ο ΓΚΡΟΜΥΚΟ ΕΛΑΒΕ ΤΟ ΒΡΑΒΕΙΟΝ ΛΕΝΙΝ ΕΠΙ ΤΗ 60Η ΕΠΕΤΕΙΩ ΤΩΝ ΓΕΝΕΘΛΙΩΝ ΤΟΥ

ΣΑΪΓΚΩΝ, 18. (Ρώυτερ). — Ό πρόεδρος τού Νοτίου Βιετνάμ κ. Τιέου προέτεινε χθές τήν ένοποίησιν τών δύο τμημάτων τής χώρας κατόπιν γενικών έκλογών, αί όποΐαι θά διεξαχθούν ύπό τήν έποπτείαν διεθνούς έπιτροπής έλέγχου. Ή πρότασις έγένετο είς άπάντησιν τών δηλώσεων τού Βορείου Βιετνάμ καί άναμένεται νά συζητηθή είς τάς έπομένας συνεδριάσεις τής διασκέψεως τών Παρισίων.

ΕΓΚΑΤΕΛΕΙΦΘΗΣΑΝ ΑΙ ΕΡΕΥΝΑΙ ΔΙΑ ΤΟ ΣΥΝΤΡΙΒΕΝ ΑΕΡΟΠΛΑΝΟΝ

ΣΑΪΓΚΩΝ, 18. (Ρώυτερ). — Ό πρόεδρος τού Νοτίου Βιετνάμ κ. Τιέου προέτεινε χθές τήν ένοποίησιν τών δύο τμημάτων τής χώρας κατόπιν γενικών έκλογών, αί όποΐαι θά διεξαχθούν ύπό τήν έποπτείαν διεθνούς έπιτροπής έλέγχου. Ή πρότασις έγένετο είς άπάντησιν τών δηλώσεων τού Βορείου Βιετνάμ καί άναμένεται νά συζητηθή είς τάς έπομένας συνεδριάσεις τής διασκέψεως τών Παρισίων.

ΕΠΙΣΚΕΨΙΣ ΑΠΟΓΟΝΩΝ ΤΟΥ ΝΑΠΟΛΕΟΝΤΟΣ ΕΙΣ ΤΗΝ ΑΙΓΥΠΤΟΝ

ΣΑΪΓΚΩΝ, 18. (Ρώυτερ). — Ό πρόεδρος τού Νοτίου Βιετνάμ κ. Τιέου προέτεινε χθές τήν ένοποίησιν τών δύο τμημάτων τής χώρας κατόπιν γενικών έκλογών, αί όποΐαι θά διεξαχθούν ύπό τήν έποπτείαν διεθνούς έπιτροπής έλέγχου. Ή πρότασις έγένετο είς άπάντησιν τών δηλώσεων τού Βορείου Βιετνάμ καί άναμένεται νά συζητηθή είς τάς έπομένας συνεδριάσεις τής διασκέψεως τών Παρισίων.

Ο ΚΙΖΙΝΓΚΕΡ ΔΙΑΦΕΥΔΕΙ ΤΑ ΠΕΡΙ ΔΙΑΛΥΣΕΩΣ ΤΗΣ ΚΥΒΕΡΝΗΣΕΩΣ

ΣΑΪΓΚΩΝ, 18. (Ρώυτερ). — Ό πρόεδρος τού Νοτίου Βιετνάμ κ. Τιέου προέτεινε χθές τήν ένοποίησιν τών δύο τμημάτων τής χώρας κατόπιν γενικών έκλογών, αί όποΐαι θά διεξαχθούν ύπό τήν έποπτείαν διεθνούς έπιτροπής έλέγχου. Ή πρότασις έγένετο είς άπάντησιν τών δηλώσεων τού Βορείου Βιετνάμ καί άναμένεται νά συζητηθή είς τάς έπομένας συνεδριάσεις τής διασκέψεως τών Παρισίων.

ΣΑΪΓΚΩΝ, 18. (Ρώυτερ). — Ό πρόεδρος τού Νοτίου Βιετνάμ κ. Τιέου προέτεινε χθές τήν ένοποίησιν τών δύο τμημάτων τής χώρας κατόπιν γενικών έκλογών, αί όποΐαι θά διεξαχθούν ύπό τήν έποπτείαν διεθνούς έπιτροπής έλέγχου. Ή πρότασις έγένετο είς άπάντησιν τών δηλώσεων τού Βορείου Βιετνάμ καί άναμένεται νά συζητηθή είς τάς έπομένας συνεδριάσεις τής διασκέψεως τών Παρισίων.

ΕΚΡΥΘΜΟΣ Η ΚΑΤΑΣΤΑΣΙΣ ΕΙΣ ΒΟΡΕΙΟΝ ΙΡΛΑΝΔΙΑΝ ΜΕΤΑ ΤΗΝ ΡΙΨΙΝ ΒΟΜΒΩΝ ΠΕΤΡΕΛΑΙΟΥ ΚΑΤΑ ΤΗΣ ΟΙΚΙΑΣ ΠΡΩΗΝ ΠΡΟΤΕΣΤΑΝΤΟΥ ΥΠΟΥΡΓΟΥ

ΣΑΪΓΚΩΝ, 18. (Ρώυτερ). — Ό πρόεδρος τού Νοτίου Βιετνάμ κ. Τιέου προέτεινε χθές τήν ένοποίησιν τών δύο τμημάτων τής χώρας κατόπιν γενικών έκλογών, αί όποΐαι θά διεξαχθούν ύπό τήν έποπτείαν διεθνούς έπιτροπής έλέγχου. Ή πρότασις έγένετο είς άπάντησιν τών δηλώσεων τού Βορείου Βιετνάμ καί άναμένεται νά συζητηθή είς τάς έπομένας συνεδριάσεις τής διασκέψεως τών Παρισίων.

ΣΑΪΓΚΩΝ, 18. (Ρώυτερ). — Ό πρόεδρος τού Νοτίου Βιετνάμ κ. Τιέου προέτεινε χθές τήν ένοποίησιν τών δύο τμημάτων τής χώρας κατόπιν γενικών έκλογών, αί όποΐαι θά διεξαχθούν ύπό τήν έποπτείαν διεθνούς έπιτροπής έλέγχου. Ή πρότασις έγένετο είς άπάντησιν τών δηλώσεων τού Βορείου Βιετνάμ καί άναμένεται νά συζητηθή είς τάς

ΛΗΨΙΝ ΜΕΤΡΩΝ ΕΝ ΟΨΕΙ ΥΠΕΡΠΛΗΘΥΣΜΟΥ ΣΥΝΙΣΤΑ Ο ΝΙΞΟΝ ΕΙΣ ΤΟ ΚΟΓΚΡΕΣΣΟΝ ΕΠΙΣΗΜΑΙΝΩΝ ΑΝΑΚΥΠΤΟΝΤΑ ΠΡΟΒΛΗΜΑΤΑ

ΣΑΪΓΚΩΝ, 18. (Ρώυτερ). — Ό πρόεδρος τού Νοτίου Βιετνάμ κ. Τιέου προέτεινε χθές τήν ένοποίησιν τών δύο τμημάτων τής χώρας κατόπιν γενικών έκλογών, αί όποΐαι θά διεξαχθούν ύπό τήν έποπτείαν διεθνούς έπιτροπής έλέγχου. Ή πρότασις έγένετο είς άπάντησιν τών δηλώσεων τού Βορείου Βιετνάμ καί άναμένεται νά συζητηθή είς τάς έπομένας συνεδριάσεις τής διασκέψεως τών Παρισίων.

ΣΑΪΓΚΩΝ, 18. (Ρώυτερ). — Ό πρόεδρος τού Νοτίου Βιετνάμ κ. Τιέου προέτεινε χθές τήν ένοποίησιν τών δύο τμημάτων τής χώρας κατόπιν γενικών έκλογών, αί όποΐαι θά διεξαχθούν ύπό τήν έποπτείαν διεθνούς έπιτροπής έλέγχου. Ή πρότασις έγένετο είς άπάντησιν τών δηλώσεων τού Βορείου Βιετνάμ καί άναμένεται νά συζητηθή είς τάς έπομένας συνεδριάσεις τής διασκέψεως τών Παρισίων.

ΤΑ ΘΑΝΑΤΗΦΟΡΑ ΤΡΟΧΑΙΑ ΔΥΣΤΥΧΗΜΑΤΑ ΑΥΞΑΝΟΥΝ ΕΙΣ ΟΛΟΝ ΤΟΝ ΚΟΣΜΟΝ ΚΑΙ ΠΡΟΚΑΛΟΥΝ ΣΟΒΑΡΩΤΑΤΑΣ ΑΝΗΣΥΧΙΑΣ

ΣΑΪΓΚΩΝ, 18. (Ρώυτερ). — Ό πρόεδρος τού Νοτίου Βιετνάμ κ. Τιέου προέτεινε χθές τήν ένοποίησιν τών δύο τμημάτων τής χώρας κατόπιν γενικών έκλογών, αί όποΐαι θά διεξαχθούν ύπό τήν έποπτείαν διεθνούς έπιτροπής έλέγχου. Ή πρότασις έγένετο είς άπάντησιν τών δηλώσεων τού Βορείου Βιετνάμ καί άναμένεται νά συζητηθή είς τάς έπομένας συνεδριάσεις τής διασκέψεως τών Παρισίων.

ΣΑΪΓΚΩΝ, 18. (Ρώυτερ). — Ό πρόεδρος τού Νοτίου Βιετνάμ κ. Τιέου προέτεινε χθές τήν ένοποίησιν τών δύο τμημάτων τής χώρας κατόπιν γενικών έκλογών, αί όποΐαι θά διεξαχθούν ύπό τήν έποπτείαν διεθνούς έπιτροπής έλέγχου. Ή πρότασις έγένετο είς άπάντησιν τών δηλώσεων τού Βορείου Βιετνάμ καί άναμένεται νά συζητηθή είς τάς έπομένας συνεδριάσεις τής διασκέψεως τών Παρισίων.

ΑΠΕΓΝΩΣΜΕΝΗ ΕΚΚΛΗΣΙΣ ΤΟΥ ΠΡΟΕΔΡΟΥ ΝΙΞΟΝ ΠΕΡΙ ΕΠΕΙΓΟΥΣΗΣ ΑΠΟΣΤΟΛΗΣ ΤΡΟΦΙΜΩΝ ΕΙΣ ΜΠΙΑΦΡΑΝ

ΣΑΪΓΚΩΝ, 18. (Ρώυτερ). — Ό πρόεδρος τού Νοτίου Βιετνάμ κ. Τιέου προέτεινε χθές τήν ένοποίησιν τών δύο τμημάτων τής χώρας κατόπιν γενικών έκλογών, αί όποΐαι θά διεξαχθούν ύπό τήν έποπτείαν διεθνούς έπιτροπής έλέγχου. Ή πρότασις έγένετο είς άπάντησιν τών δηλώσεων τού Βορείου Βιετνάμ καί άναμένεται νά συζητηθή είς τάς έπομένας συνεδριάσεις τής διασκέψεως τών Παρισίων.

ΣΑΪΓΚΩΝ, 18. (Ρώυτερ). — Ό πρόεδρος τού Νοτίου Βιετνάμ κ. Τιέου προέτεινε χθές τήν ένοποίησιν τών δύο τμημάτων τής χώρας κατόπιν γενικών έκλογών, αί όποΐαι θά διεξαχθούν ύπό τήν έποπτείαν διεθνούς έπιτροπής έλέγχου. Ή πρότασις έγένετο είς άπάντησιν τών δηλώσεων τού Βορείου Βιετνάμ καί άναμένεται νά συζητηθή είς τάς έπομένας συνεδριάσεις τής διασκέψεως τών Παρισίων.

ΣΑΪΓΚΩΝ, 18. (Ρώυτερ). — Ό πρόεδρος τού Νοτίου Βιετνάμ κ. Τιέου προέτεινε χθές τήν ένοποίησιν τών δύο τμημάτων τής χώρας

ΚΙΝΔΥΝΕΥΕΙ ΝΑ ΑΠΟΘΑΝΗ ΕΚ ΤΗΣ ΑΙΜΟΡΡΑΓΙΑΣ ΔΙΟΤΙ ΣΤΕΡΕΙΤΑΙ ΑΝΤΙΠΑΘΕΙΑΝ ΠΡΟΣ ΤΑΣ ΕΝΕΣΕΙΣ

ΣΑΪΓΚΩΝ, 18. (Ρώυτερ). — Ό πρόεδρος τού Νοτίου Βιετνάμ κ. Τιέου προέτεινε χθές τήν ένοποίησιν τών δύο τμημάτων τής χώρας κατόπιν γενικών έκλογών, αί όποΐαι θά διεξαχθούν ύπό τήν έποπτείαν διεθνούς έπιτροπής έλέγχου. Ή πρότασις έγένετο είς άπάντησιν τών δηλώσεων τού Βορείου Βιετνάμ καί άναμένεται νά συζητηθή είς τάς έπομένας συνεδριάσεις τής διασκέψεως τών Παρισίων.

ΣΑΪΓΚΩΝ, 18. (Ρώυτερ). — Ό πρόεδρος τού Νοτίου Βιετνάμ κ. Τιέου προέτεινε χθές τήν ένοποίησιν τών δύο τμημάτων τής χώρας κατόπιν γενικών έκλογών, αί όποΐαι θά διεξαχθούν ύπό τήν έποπτείαν διεθνούς έπιτροπής έλέγχου. Ή
